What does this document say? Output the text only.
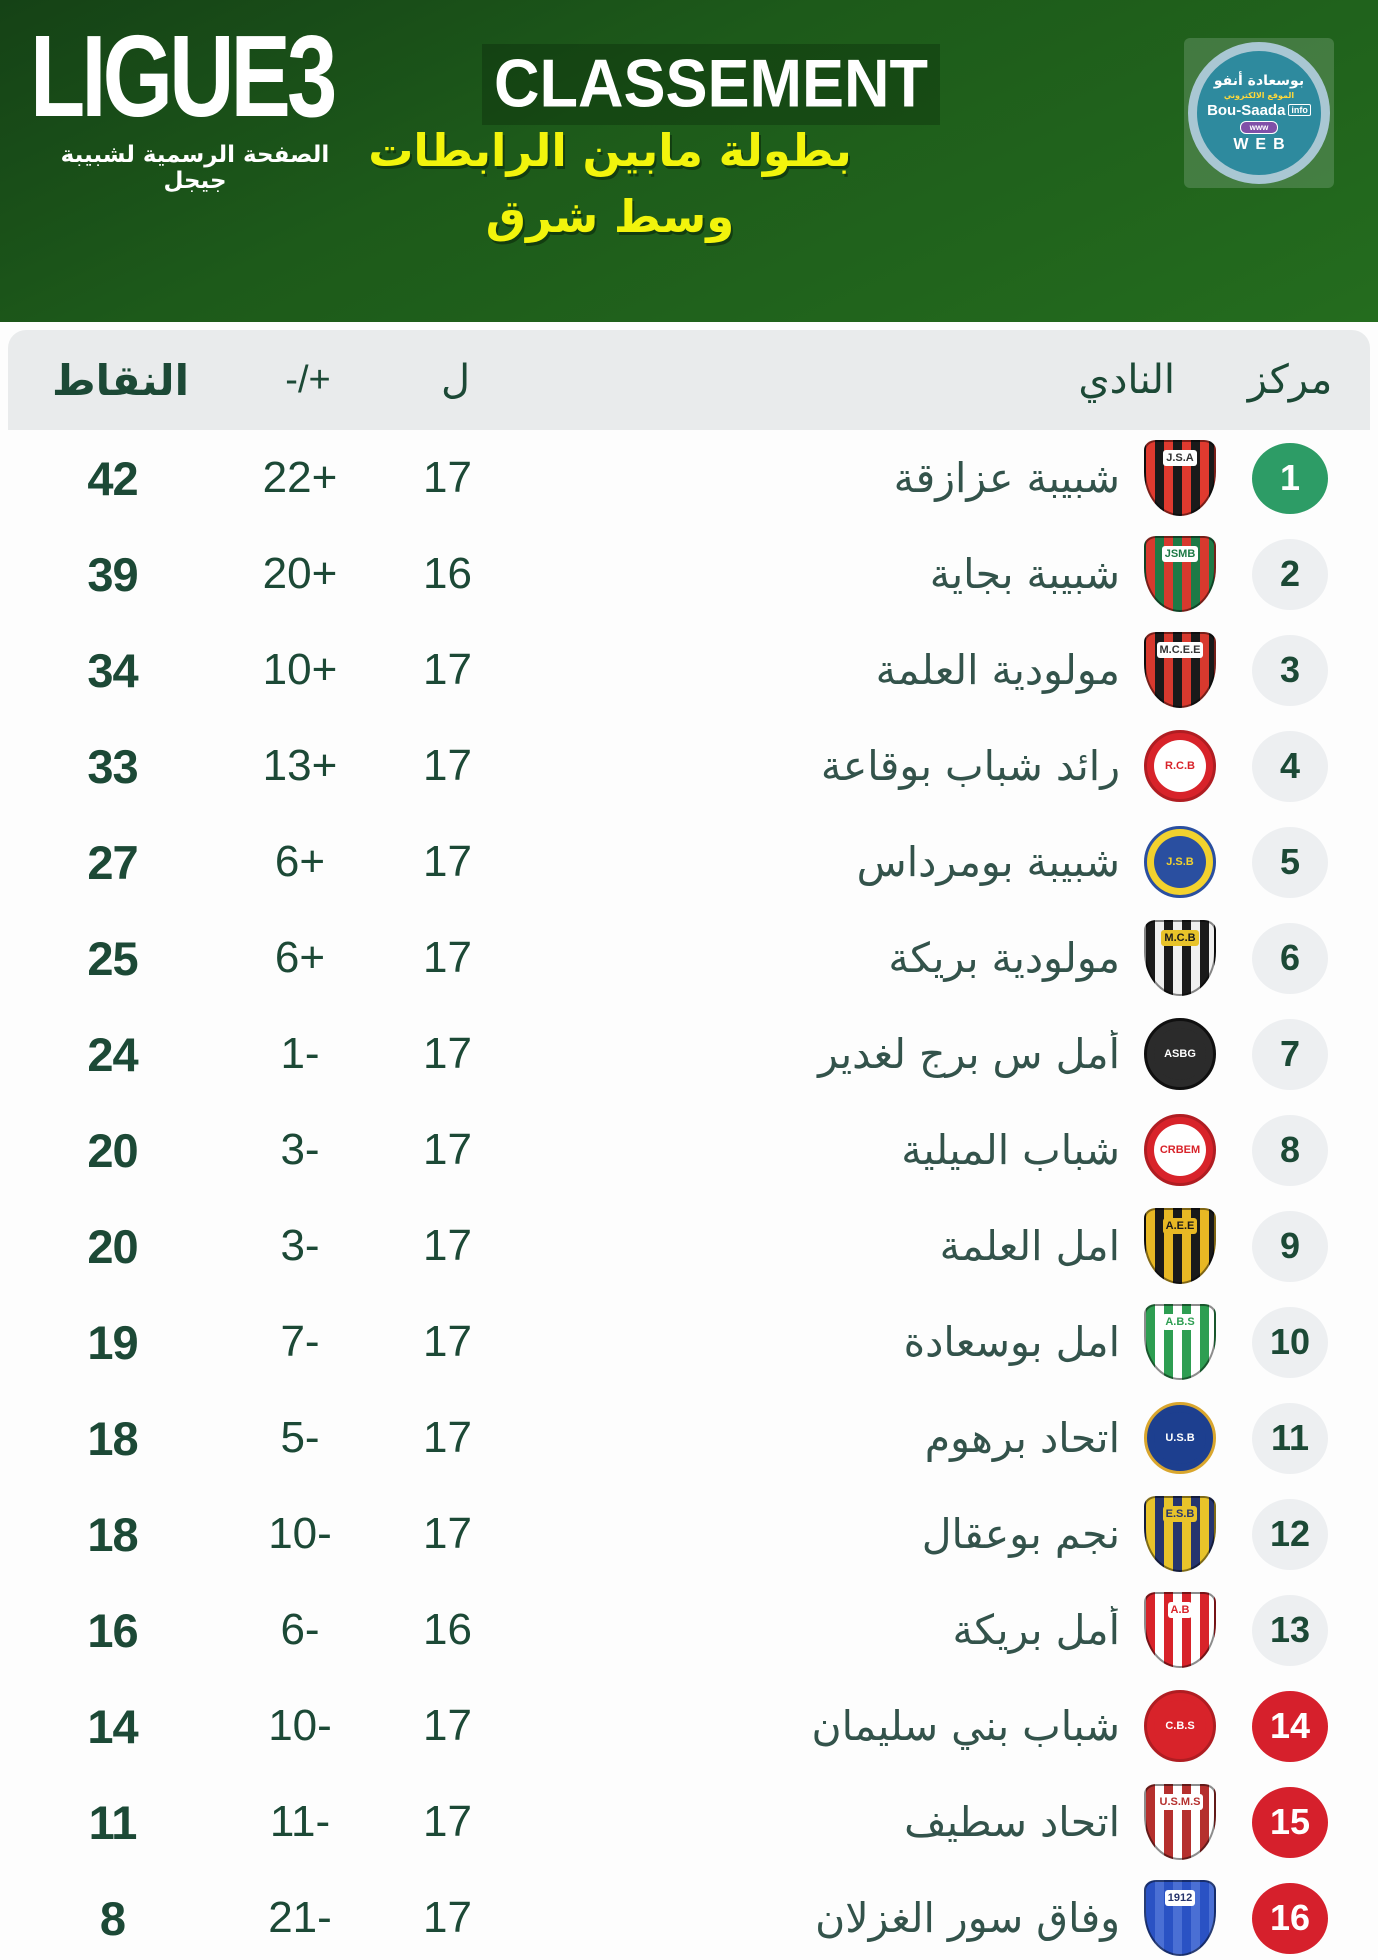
LIGUE3
الصفحة الرسمية لشبيبة جيجل
CLASSEMENT
بطولة مابين الرابطات
وسط شرق
بوسعادة أنفو
الموقع الالكتروني
Bou-Saada info
www
WEB
النقاط	-/+	ل	النادي	مركز
42	22+	17	شبيبة عزازقة	J.S.A	1
39	20+	16	شبيبة بجاية	JSMB	2
34	10+	17	مولودية العلمة	M.C.E.E	3
33	13+	17	رائد شباب بوقاعة	R.C.B	4
27	6+	17	شبيبة بومرداس	J.S.B	5
25	6+	17	مولودية بريكة	M.C.B	6
24	1-	17	أمل س برج لغدير	ASBG	7
20	3-	17	شباب الميلية	CRBEM	8
20	3-	17	امل العلمة	A.E.E	9
19	7-	17	امل بوسعادة	A.B.S	10
18	5-	17	اتحاد برهوم	U.S.B	11
18	10-	17	نجم بوعقال	E.S.B	12
16	6-	16	أمل بريكة	A.B	13
14	10-	17	شباب بني سليمان	C.B.S	14
11	11-	17	اتحاد سطيف	U.S.M.S	15
8	21-	17	وفاق سور الغزلان	1912	16
